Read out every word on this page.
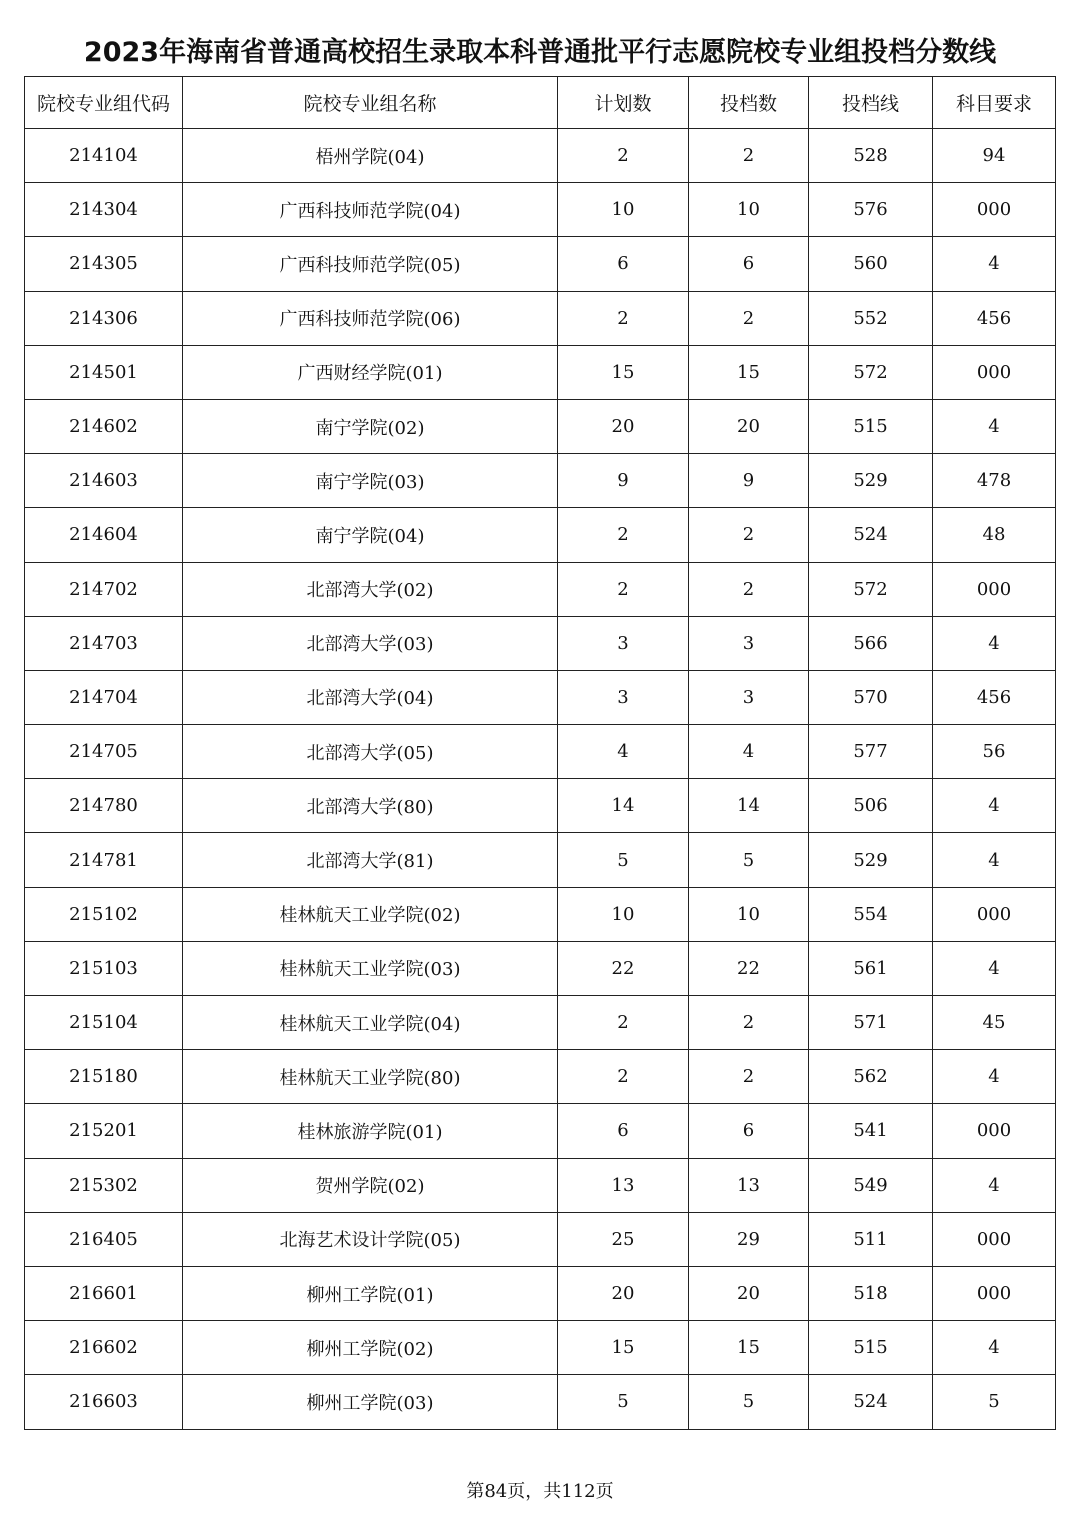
2023年海南省普通高校招生录取本科普通批平行志愿院校专业组投档分数线
院校专业组代码	院校专业组名称	计划数	投档数	投档线	科目要求
214104	梧州学院(04)	2	2	528	94
214304	广西科技师范学院(04)	10	10	576	000
214305	广西科技师范学院(05)	6	6	560	4
214306	广西科技师范学院(06)	2	2	552	456
214501	广西财经学院(01)	15	15	572	000
214602	南宁学院(02)	20	20	515	4
214603	南宁学院(03)	9	9	529	478
214604	南宁学院(04)	2	2	524	48
214702	北部湾大学(02)	2	2	572	000
214703	北部湾大学(03)	3	3	566	4
214704	北部湾大学(04)	3	3	570	456
214705	北部湾大学(05)	4	4	577	56
214780	北部湾大学(80)	14	14	506	4
214781	北部湾大学(81)	5	5	529	4
215102	桂林航天工业学院(02)	10	10	554	000
215103	桂林航天工业学院(03)	22	22	561	4
215104	桂林航天工业学院(04)	2	2	571	45
215180	桂林航天工业学院(80)	2	2	562	4
215201	桂林旅游学院(01)	6	6	541	000
215302	贺州学院(02)	13	13	549	4
216405	北海艺术设计学院(05)	25	29	511	000
216601	柳州工学院(01)	20	20	518	000
216602	柳州工学院(02)	15	15	515	4
216603	柳州工学院(03)	5	5	524	5
第84页，共112页
